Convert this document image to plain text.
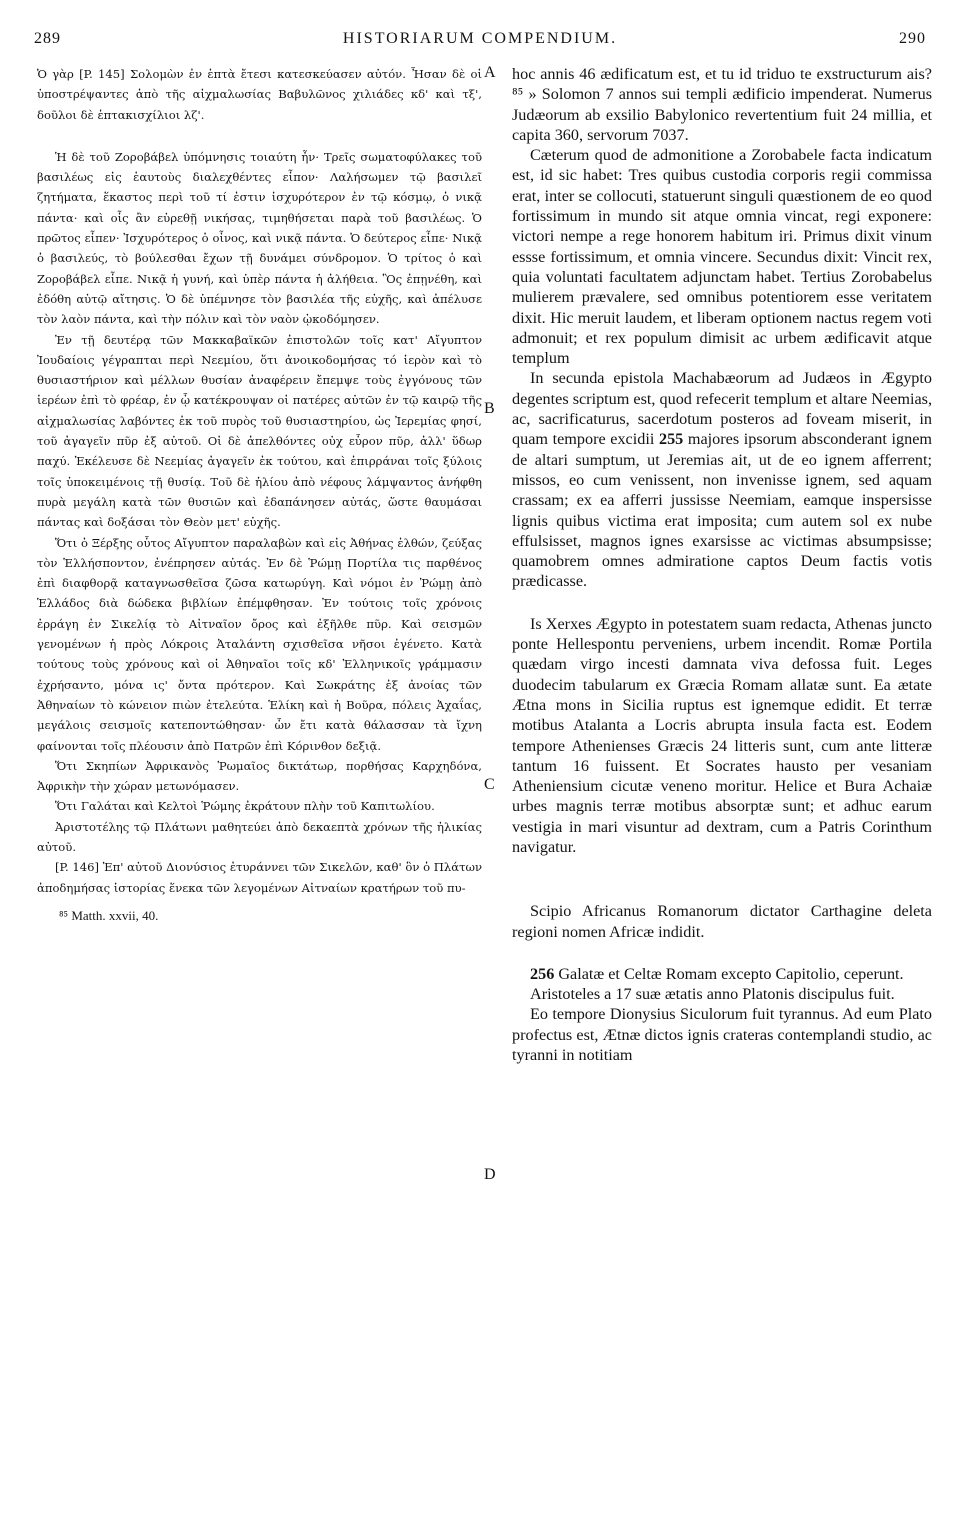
289	HISTORIARUM COMPENDIUM.	290
A
B
C
D

Ὁ γὰρ [P. 145] Σολομὼν ἐν ἑπτὰ ἔτεσι κατεσκεύασεν αὐτόν. Ἦσαν δὲ οἱ ὑποστρέψαντες ἀπὸ τῆς αἰχμαλωσίας Βαβυλῶνος χιλιάδες κδ' καὶ τξ', δοῦλοι δὲ ἑπτακισχίλιοι λζ'.

Ἡ δὲ τοῦ Ζοροβάβελ ὑπόμνησις τοιαύτη ἦν· Τρεῖς σωματοφύλακες τοῦ βασιλέως εἰς ἑαυτοὺς διαλεχθέντες εἶπον· Λαλήσωμεν τῷ βασιλεῖ ζητήματα, ἕκαστος περὶ τοῦ τί ἐστιν ἰσχυρότερον ἐν τῷ κόσμῳ, ὁ νικᾷ πάντα· καὶ οἷς ἂν εὑρεθῇ νικήσας, τιμηθήσεται παρὰ τοῦ βασιλέως. Ὁ πρῶτος εἶπεν· Ἰσχυρότερος ὁ οἶνος, καὶ νικᾷ πάντα. Ὁ δεύτερος εἶπε· Νικᾷ ὁ βασιλεύς, τὸ βούλεσθαι ἔχων τῇ δυνάμει σύνδρομον. Ὁ τρίτος ὁ καὶ Ζοροβάβελ εἶπε. Νικᾷ ἡ γυνή, καὶ ὑπὲρ πάντα ἡ ἀλήθεια. Ὃς ἐπῃνέθη, καὶ ἐδόθη αὐτῷ αἴτησις. Ὁ δὲ ὑπέμνησε τὸν βασιλέα τῆς εὐχῆς, καὶ ἀπέλυσε τὸν λαὸν πάντα, καὶ τὴν πόλιν καὶ τὸν ναὸν ᾠκοδόμησεν.

Ἐν τῇ δευτέρᾳ τῶν Μακκαβαϊκῶν ἐπιστολῶν τοῖς κατ' Αἴγυπτον Ἰουδαίοις γέγραπται περὶ Νεεμίου, ὅτι ἀνοικοδομήσας τό ἱερὸν καὶ τὸ θυσιαστήριον καὶ μέλλων θυσίαν ἀναφέρειν ἔπεμψε τοὺς ἐγγόνους τῶν ἱερέων ἐπὶ τὸ φρέαρ, ἐν ᾧ κατέκρουψαν οἱ πατέρες αὐτῶν ἐν τῷ καιρῷ τῆς αἰχμαλωσίας λαβόντες ἐκ τοῦ πυρὸς τοῦ θυσιαστηρίου, ὡς Ἰερεμίας φησί, τοῦ ἀγαγεῖν πῦρ ἐξ αὐτοῦ. Οἱ δὲ ἀπελθόντες οὐχ εὗρον πῦρ, ἀλλ' ὕδωρ παχύ. Ἐκέλευσε δὲ Νεεμίας ἀγαγεῖν ἐκ τούτου, καὶ ἐπιρράναι τοῖς ξύλοις τοῖς ὑποκειμένοις τῇ θυσίᾳ. Τοῦ δὲ ἡλίου ἀπὸ νέφους λάμψαντος ἀνήφθη πυρὰ μεγάλη κατὰ τῶν θυσιῶν καὶ ἐδαπάνησεν αὐτάς, ὥστε θαυμάσαι πάντας καὶ δοξάσαι τὸν Θεὸν μετ' εὐχῆς.

Ὅτι ὁ Ξέρξης οὗτος Αἴγυπτον παραλαβὼν καὶ εἰς Ἀθήνας ἐλθών, ζεύξας τὸν Ἑλλήσποντον, ἐνέπρησεν αὐτάς. Ἐν δὲ Ῥώμῃ Πορτίλα τις παρθένος ἐπὶ διαφθορᾷ καταγνωσθεῖσα ζῶσα κατωρύγη. Καὶ νόμοι ἐν Ῥώμῃ ἀπὸ Ἑλλάδος διὰ δώδεκα βιβλίων ἐπέμφθησαν. Ἐν τούτοις τοῖς χρόνοις ἐρράγη ἐν Σικελίᾳ τὸ Αἰτναῖον ὄρος καὶ ἐξῆλθε πῦρ. Καὶ σεισμῶν γενομένων ἡ πρὸς Λόκροις Ἀταλάντη σχισθεῖσα νῆσοι ἐγένετο. Κατὰ τούτους τοὺς χρόνους καὶ οἱ Ἀθηναῖοι τοῖς κδ' Ἑλληνικοῖς γράμμασιν ἐχρήσαντο, μόνα ις' ὄντα πρότερον. Καὶ Σωκράτης ἐξ ἀνοίας τῶν Ἀθηναίων τὸ κώνειον πιὼν ἐτελεύτα. Ἑλίκη καὶ ἡ Βοῦρα, πόλεις Ἀχαΐας, μεγάλοις σεισμοῖς κατεποντώθησαν· ὧν ἔτι κατὰ θάλασσαν τὰ ἴχνη φαίνονται τοῖς πλέουσιν ἀπὸ Πατρῶν ἐπὶ Κόρινθον δεξιᾷ.

Ὅτι Σκηπίων Ἀφρικανὸς Ῥωμαῖος δικτάτωρ, πορθήσας Καρχηδόνα, Ἀφρικὴν τὴν χώραν μετωνόμασεν.

Ὅτι Γαλάται καὶ Κελτοὶ Ῥώμης ἐκράτουν πλὴν τοῦ Καπιτωλίου.

Ἀριστοτέλης τῷ Πλάτωνι μαθητεύει ἀπὸ δεκαεπτὰ χρόνων τῆς ἡλικίας αὐτοῦ.

[P. 146] Ἐπ' αὐτοῦ Διονύσιος ἐτυράννει τῶν Σικελῶν, καθ' ὃν ὁ Πλάτων ἀποδημήσας ἱστορίας ἕνεκα τῶν λεγομένων Αἰτναίων κρατήρων τοῦ πυ-

⁸⁵ Matth. xxvii, 40.

hoc annis 46 ædificatum est, et tu id triduo te exstructurum ais? ⁸⁵ » Solomon 7 annos sui templi ædificio impenderat. Numerus Judæorum ab exsilio Babylonico revertentium fuit 24 millia, et capita 360, servorum 7037.

Cæterum quod de admonitione a Zorobabele facta indicatum est, id sic habet: Tres quibus custodia corporis regii commissa erat, inter se collocuti, statuerunt singuli quæstionem de eo quod fortissimum in mundo sit atque omnia vincat, regi exponere: victori nempe a rege honorem habitum iri. Primus dixit vinum essse fortissimum, et omnia vincere. Secundus dixit: Vincit rex, quia voluntati facultatem adjunctam habet. Tertius Zorobabelus mulierem prævalere, sed omnibus potentiorem esse veritatem dixit. Hic meruit laudem, et liberam optionem nactus regem voti admonuit; et rex populum dimisit ac urbem ædificavit atque templum

In secunda epistola Machabæorum ad Judæos in Ægypto degentes scriptum est, quod refecerit templum et altare Neemias, ac, sacrificaturus, sacerdotum posteros ad foveam miserit, in quam tempore excidii 255 majores ipsorum absconderant ignem de altari sumptum, ut Jeremias ait, ut de eo ignem afferrent; missos, eo cum venissent, non invenisse ignem, sed aquam crassam; ex ea afferri jussisse Neemiam, eamque inspersisse lignis quibus victima erat imposita; cum autem sol ex nube effulsisset, magnos ignes exarsisse ac victimas absumpsisse; quamobrem omnes admiratione captos Deum factis votis prædicasse.

Is Xerxes Ægypto in potestatem suam redacta, Athenas juncto ponte Hellespontu perveniens, urbem incendit. Romæ Portila quædam virgo incesti damnata viva defossa fuit. Leges duodecim tabularum ex Græcia Romam allatæ sunt. Ea ætate Ætna mons in Sicilia ruptus est ignemque edidit. Et terræ motibus Atalanta a Locris abrupta insula facta est. Eodem tempore Athenienses Græcis 24 litteris sunt, cum ante litteræ tantum 16 fuissent. Et Socrates hausto per vesaniam Atheniensium cicutæ veneno moritur. Helice et Bura Achaiæ urbes magnis terræ motibus absorptæ sunt; et adhuc earum vestigia in mari visuntur ad dextram, cum a Patris Corinthum navigatur.

Scipio Africanus Romanorum dictator Carthagine deleta regioni nomen Africæ indidit.

256 Galatæ et Celtæ Romam excepto Capitolio, ceperunt.

Aristoteles a 17 suæ ætatis anno Platonis discipulus fuit.

Eo tempore Dionysius Siculorum fuit tyrannus. Ad eum Plato profectus est, Ætnæ dictos ignis crateras contemplandi studio, ac tyranni in notitiam
